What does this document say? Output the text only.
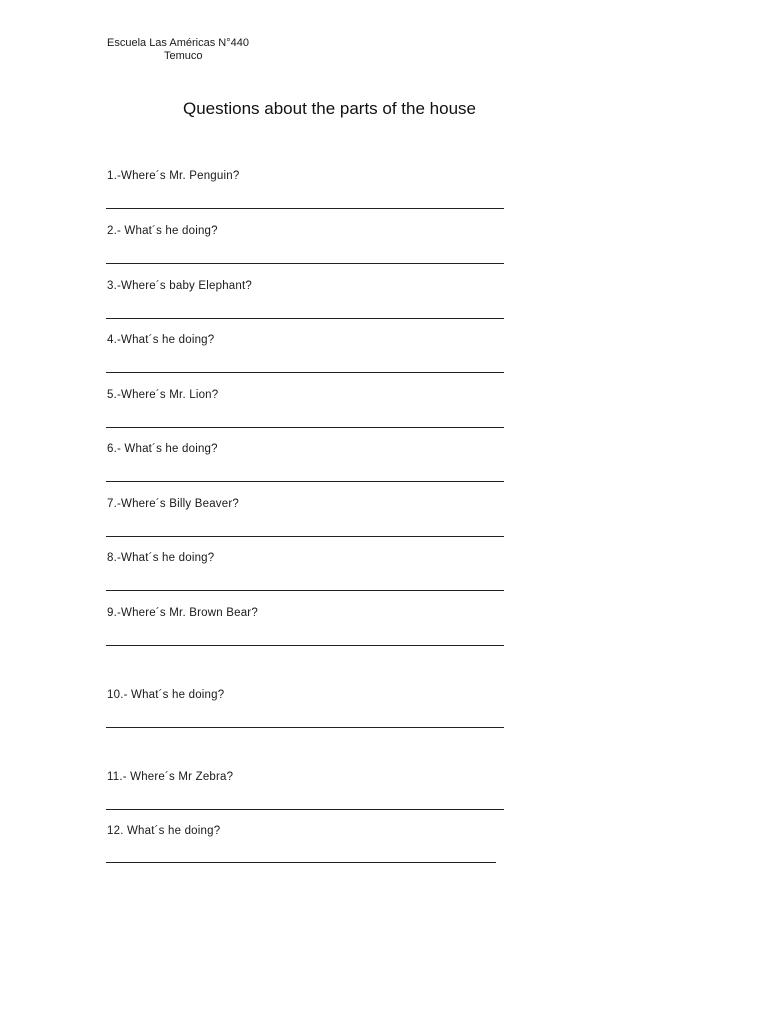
Escuela Las Américas N°440
Temuco
Questions about the parts of the house
1.-Where´s Mr. Penguin?
2.- What´s he doing?
3.-Where´s baby Elephant?
4.-What´s he doing?
5.-Where´s Mr. Lion?
6.- What´s he doing?
7.-Where´s Billy Beaver?
8.-What´s he doing?
9.-Where´s Mr. Brown Bear?
10.- What´s he doing?
11.- Where´s Mr Zebra?
12. What´s he doing?
